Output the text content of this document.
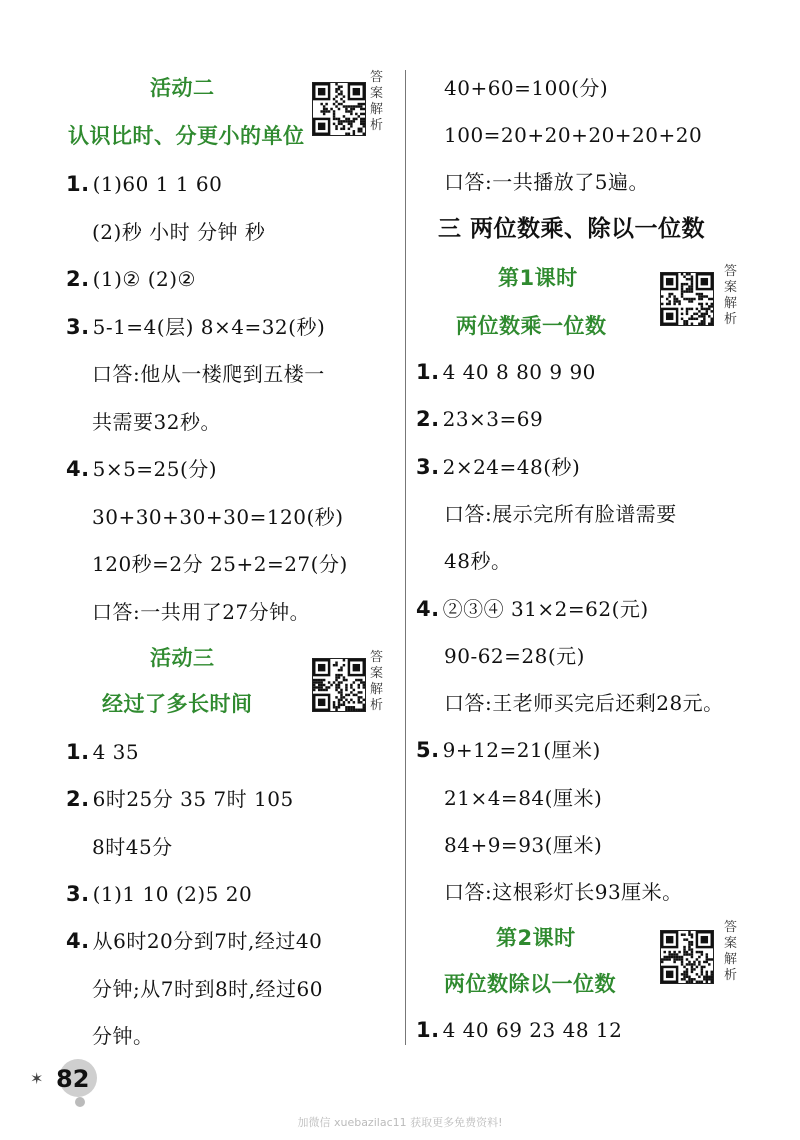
活动二	答案解析
认识比时、分更小的单位
1. (1)60 1 1 60
(2)秒 小时 分钟 秒
2. (1)② (2)②
3. 5-1=4(层) 8×4=32(秒)
口答:他从一楼爬到五楼一
共需要32秒。
4. 5×5=25(分)
30+30+30+30=120(秒)
120秒=2分 25+2=27(分)
口答:一共用了27分钟。
活动三	答案解析
经过了多长时间
1. 4 35
2. 6时25分 35 7时 105
8时45分
3. (1)1 10 (2)5 20
4. 从6时20分到7时,经过40
分钟;从7时到8时,经过60
分钟。
40+60=100(分)
100=20+20+20+20+20
口答:一共播放了5遍。
三 两位数乘、除以一位数
第1课时	答案解析
两位数乘一位数
1. 4 40 8 80 9 90
2. 23×3=69
3. 2×24=48(秒)
口答:展示完所有脸谱需要
48秒。
4. ②③④ 31×2=62(元)
90-62=28(元)
口答:王老师买完后还剩28元。
5. 9+12=21(厘米)
21×4=84(厘米)
84+9=93(厘米)
口答:这根彩灯长93厘米。
第2课时	答案解析
两位数除以一位数
1. 4 40 69 23 48 12
✶ 82
加微信 xuebazilac11 获取更多免费资料!
